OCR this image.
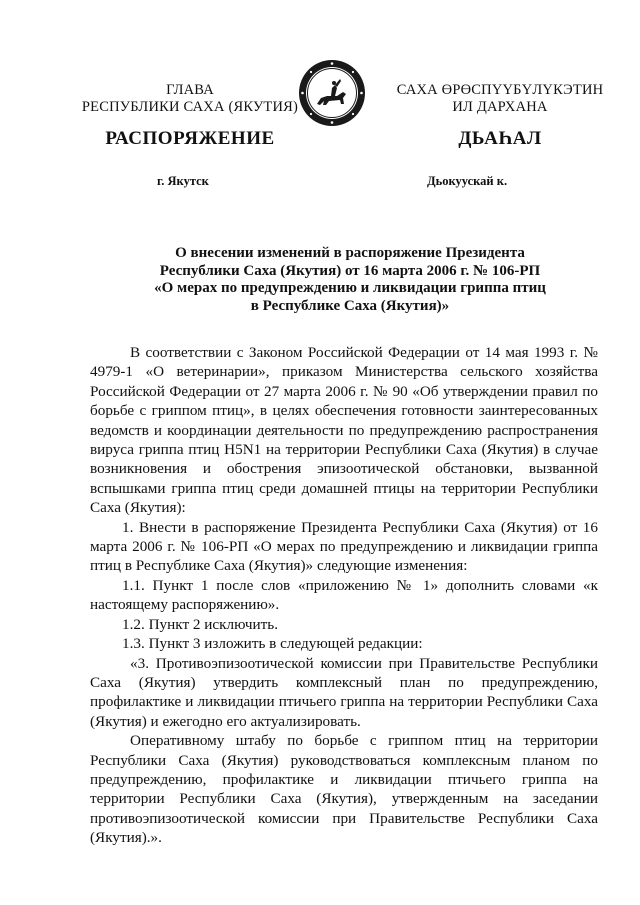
ГЛАВА
РЕСПУБЛИКИ САХА (ЯКУТИЯ)
САХА ӨРӨСПҮҮБҮЛҮКЭТИН
ИЛ ДАРХАНА
РАСПОРЯЖЕНИЕ	ДЬАҺАЛ
г. Якутск	Дьокуускай к.
О внесении изменений в распоряжение Президента
Республики Саха (Якутия) от 16 марта 2006 г. № 106-РП
«О мерах по предупреждению и ликвидации гриппа птиц
в Республике Саха (Якутия)»

В соответствии с Законом Российской Федерации от 14 мая 1993 г. № 4979-1 «О ветеринарии», приказом Министерства сельского хозяйства Российской Федерации от 27 марта 2006 г. № 90 «Об утверждении правил по борьбе с гриппом птиц», в целях обеспечения готовности заинтересованных ведомств и координации деятельности по предупреждению распространения вируса гриппа птиц H5N1 на территории Республики Саха (Якутия) в случае возникновения и обострения эпизоотической обстановки, вызванной вспышками гриппа птиц среди домашней птицы на территории Республики Саха (Якутия):

1. Внести в распоряжение Президента Республики Саха (Якутия) от 16 марта 2006 г. № 106-РП «О мерах по предупреждению и ликвидации гриппа птиц в Республике Саха (Якутия)» следующие изменения:

1.1. Пункт 1 после слов «приложению № 1» дополнить словами «к настоящему распоряжению».

1.2. Пункт 2 исключить.

1.3. Пункт 3 изложить в следующей редакции:

«3. Противоэпизоотической комиссии при Правительстве Республики Саха (Якутия) утвердить комплексный план по предупреждению, профилактике и ликвидации птичьего гриппа на территории Республики Саха (Якутия) и ежегодно его актуализировать.

Оперативному штабу по борьбе с гриппом птиц на территории Республики Саха (Якутия) руководствоваться комплексным планом по предупреждению, профилактике и ликвидации птичьего гриппа на территории Республики Саха (Якутия), утвержденным на заседании противоэпизоотической комиссии при Правительстве Республики Саха (Якутия).».
